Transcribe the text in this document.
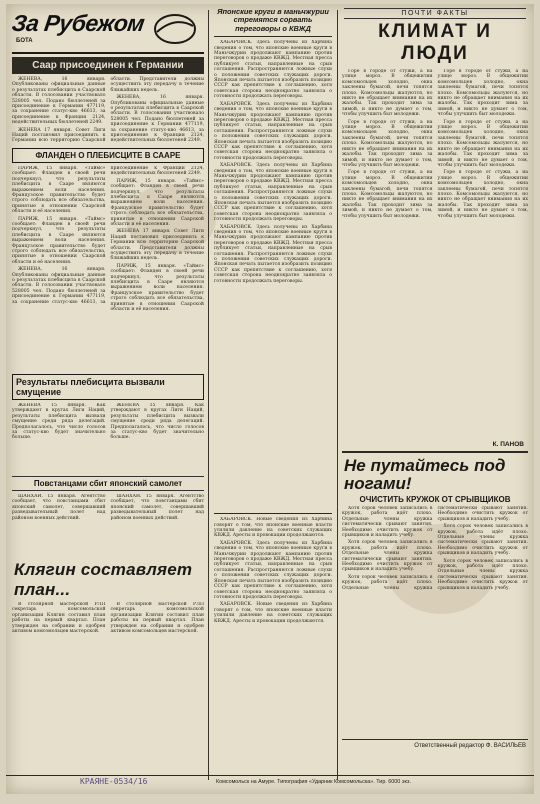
За Рубежом
БОТА
Саар присоединен к Германии

ЖЕНЕВА, 16 января. Опубликованы официальные данные о результатах плебисцита в Саарской области. В голосовании участвовало 528005 чел. Подано бюллетеней за присоединение к Германии 477119, за сохранение статус-кво 46613, за присоединение к Франции 2124, недействительных бюллетеней 2249.

ЖЕНЕВА 17 января. Совет Лиги Наций постановил присоединить к Германии всю территорию Саарской области. Представители должны осуществить эту передачу в течение ближайших недель.

ЖЕНЕВА, 16 января. Опубликованы официальные данные о результатах плебисцита в Саарской области. В голосовании участвовало 528005 чел. Подано бюллетеней за присоединение к Германии 477119, за сохранение статус-кво 46613, за присоединение к Франции 2124, недействительных бюллетеней 2249.

ФЛАНДЕН О ПЛЕБИСЦИТЕ В СААРЕ

ПАРИЖ, 15 января. «Таймс» сообщает: Фланден в своей речи подчеркнул, что результаты плебисцита в Сааре являются выражением воли населения. Французское правительство будет строго соблюдать все обязательства, принятые в отношении Саарской области и её населения.

ПАРИЖ, 15 января. «Таймс» сообщает: Фланден в своей речи подчеркнул, что результаты плебисцита в Сааре являются выражением воли населения. Французское правительство будет строго соблюдать все обязательства, принятые в отношении Саарской области и её населения.

ЖЕНЕВА, 16 января. Опубликованы официальные данные о результатах плебисцита в Саарской области. В голосовании участвовало 528005 чел. Подано бюллетеней за присоединение к Германии 477119, за сохранение статус-кво 46613, за присоединение к Франции 2124, недействительных бюллетеней 2249.

ПАРИЖ, 15 января. «Таймс» сообщает: Фланден в своей речи подчеркнул, что результаты плебисцита в Сааре являются выражением воли населения. Французское правительство будет строго соблюдать все обязательства, принятые в отношении Саарской области и её населения.

ЖЕНЕВА 17 января. Совет Лиги Наций постановил присоединить к Германии всю территорию Саарской области. Представители должны осуществить эту передачу в течение ближайших недель.

ПАРИЖ, 15 января. «Таймс» сообщает: Фланден в своей речи подчеркнул, что результаты плебисцита в Сааре являются выражением воли населения. Французское правительство будет строго соблюдать все обязательства, принятые в отношении Саарской области и её населения.

Результаты плебисцита вызвали смущение

ЖЕНЕВА 15 января. Как утверждают в кругах Лиги Наций, результаты плебисцита вызвали смущение среди ряда делегаций. Предполагалось, что число голосов за статус-кво будет значительно больше.

ЖЕНЕВА 15 января. Как утверждают в кругах Лиги Наций, результаты плебисцита вызвали смущение среди ряда делегаций. Предполагалось, что число голосов за статус-кво будет значительно больше.

Повстанцами сбит японский самолет

ШАНХАЙ. 15 января. Агентство сообщает, что повстанцами сбит японский самолет, совершавший разведывательный полет над районом военных действий.

ШАНХАЙ. 15 января. Агентство сообщает, что повстанцами сбит японский самолет, совершавший разведывательный полет над районом военных действий.

Клягин составляет план...

В столярной мастерской РЛП секретарь комсомольской организации Клягин составил план работы на первый квартал. План утвержден на собрании и одобрен активом комсомольцев мастерской.

В столярной мастерской РЛП секретарь комсомольской организации Клягин составил план работы на первый квартал. План утвержден на собрании и одобрен активом комсомольцев мастерской.

Японские круги в маньчжурии стремятся сорвать переговоры о КВЖД

ХАБАРОВСК. Здесь получены из Харбина сведения о том, что японские военные круги в Маньчжурии продолжают кампанию против переговоров о продаже КВЖД. Местная пресса публикует статьи, направленные на срыв соглашения. Распространяются ложные слухи о положении советских служащих дороги. Японская печать пытается изобразить позицию СССР как препятствие к соглашению, хотя советская сторона неоднократно заявляла о готовности продолжать переговоры.

ХАБАРОВСК. Здесь получены из Харбина сведения о том, что японские военные круги в Маньчжурии продолжают кампанию против переговоров о продаже КВЖД. Местная пресса публикует статьи, направленные на срыв соглашения. Распространяются ложные слухи о положении советских служащих дороги. Японская печать пытается изобразить позицию СССР как препятствие к соглашению, хотя советская сторона неоднократно заявляла о готовности продолжать переговоры.

ХАБАРОВСК. Здесь получены из Харбина сведения о том, что японские военные круги в Маньчжурии продолжают кампанию против переговоров о продаже КВЖД. Местная пресса публикует статьи, направленные на срыв соглашения. Распространяются ложные слухи о положении советских служащих дороги. Японская печать пытается изобразить позицию СССР как препятствие к соглашению, хотя советская сторона неоднократно заявляла о готовности продолжать переговоры.

ХАБАРОВСК. Здесь получены из Харбина сведения о том, что японские военные круги в Маньчжурии продолжают кампанию против переговоров о продаже КВЖД. Местная пресса публикует статьи, направленные на срыв соглашения. Распространяются ложные слухи о положении советских служащих дороги. Японская печать пытается изобразить позицию СССР как препятствие к соглашению, хотя советская сторона неоднократно заявляла о готовности продолжать переговоры.

ХАБАРОВСК. Новые сведения из Харбина говорят о том, что японские военные власти усилили давление на советских служащих КВЖД. Аресты и провокации продолжаются.

ХАБАРОВСК. Здесь получены из Харбина сведения о том, что японские военные круги в Маньчжурии продолжают кампанию против переговоров о продаже КВЖД. Местная пресса публикует статьи, направленные на срыв соглашения. Распространяются ложные слухи о положении советских служащих дороги. Японская печать пытается изобразить позицию СССР как препятствие к соглашению, хотя советская сторона неоднократно заявляла о готовности продолжать переговоры.

ХАБАРОВСК. Новые сведения из Харбина говорят о том, что японские военные власти усилили давление на советских служащих КВЖД. Аресты и провокации продолжаются.

ПОЧТИ ФАКТЫ
КЛИМАТ И ЛЮДИ

Горе в городе от стужи, а на улице мороз. В общежитии комсомольцев холодно, окна заклеены бумагой, печи топятся плохо. Комсомольцы жалуются, но никто не обращает внимания на их жалобы. Так проходит зима за зимой, и никто не думает о том, чтобы улучшить быт молодежи.

Горе в городе от стужи, а на улице мороз. В общежитии комсомольцев холодно, окна заклеены бумагой, печи топятся плохо. Комсомольцы жалуются, но никто не обращает внимания на их жалобы. Так проходит зима за зимой, и никто не думает о том, чтобы улучшить быт молодежи.

Горе в городе от стужи, а на улице мороз. В общежитии комсомольцев холодно, окна заклеены бумагой, печи топятся плохо. Комсомольцы жалуются, но никто не обращает внимания на их жалобы. Так проходит зима за зимой, и никто не думает о том, чтобы улучшить быт молодежи.

Горе в городе от стужи, а на улице мороз. В общежитии комсомольцев холодно, окна заклеены бумагой, печи топятся плохо. Комсомольцы жалуются, но никто не обращает внимания на их жалобы. Так проходит зима за зимой, и никто не думает о том, чтобы улучшить быт молодежи.

Горе в городе от стужи, а на улице мороз. В общежитии комсомольцев холодно, окна заклеены бумагой, печи топятся плохо. Комсомольцы жалуются, но никто не обращает внимания на их жалобы. Так проходит зима за зимой, и никто не думает о том, чтобы улучшить быт молодежи.

Горе в городе от стужи, а на улице мороз. В общежитии комсомольцев холодно, окна заклеены бумагой, печи топятся плохо. Комсомольцы жалуются, но никто не обращает внимания на их жалобы. Так проходит зима за зимой, и никто не думает о том, чтобы улучшить быт молодежи.

К. ПАНОВ
Не путайтесь под ногами!
ОЧИСТИТЬ КРУЖОК ОТ СРЫВЩИКОВ

Хотя сорок человек записались в кружок, работа идёт плохо. Отдельные члены кружка систематически срывают занятия. Необходимо очистить кружок от срывщиков и наладить учебу.

Хотя сорок человек записались в кружок, работа идёт плохо. Отдельные члены кружка систематически срывают занятия. Необходимо очистить кружок от срывщиков и наладить учебу.

Хотя сорок человек записались в кружок, работа идёт плохо. Отдельные члены кружка систематически срывают занятия. Необходимо очистить кружок от срывщиков и наладить учебу.

Хотя сорок человек записались в кружок, работа идёт плохо. Отдельные члены кружка систематически срывают занятия. Необходимо очистить кружок от срывщиков и наладить учебу.

Хотя сорок человек записались в кружок, работа идёт плохо. Отдельные члены кружка систематически срывают занятия. Необходимо очистить кружок от срывщиков и наладить учебу.

Ответственный редактор Ф. ВАСИЛЬЕВ
КРАЯНЕ-0534/16	Комсомольск на Амуре. Типография «Ударник Комсомольска». Тир. 6000 экз.
